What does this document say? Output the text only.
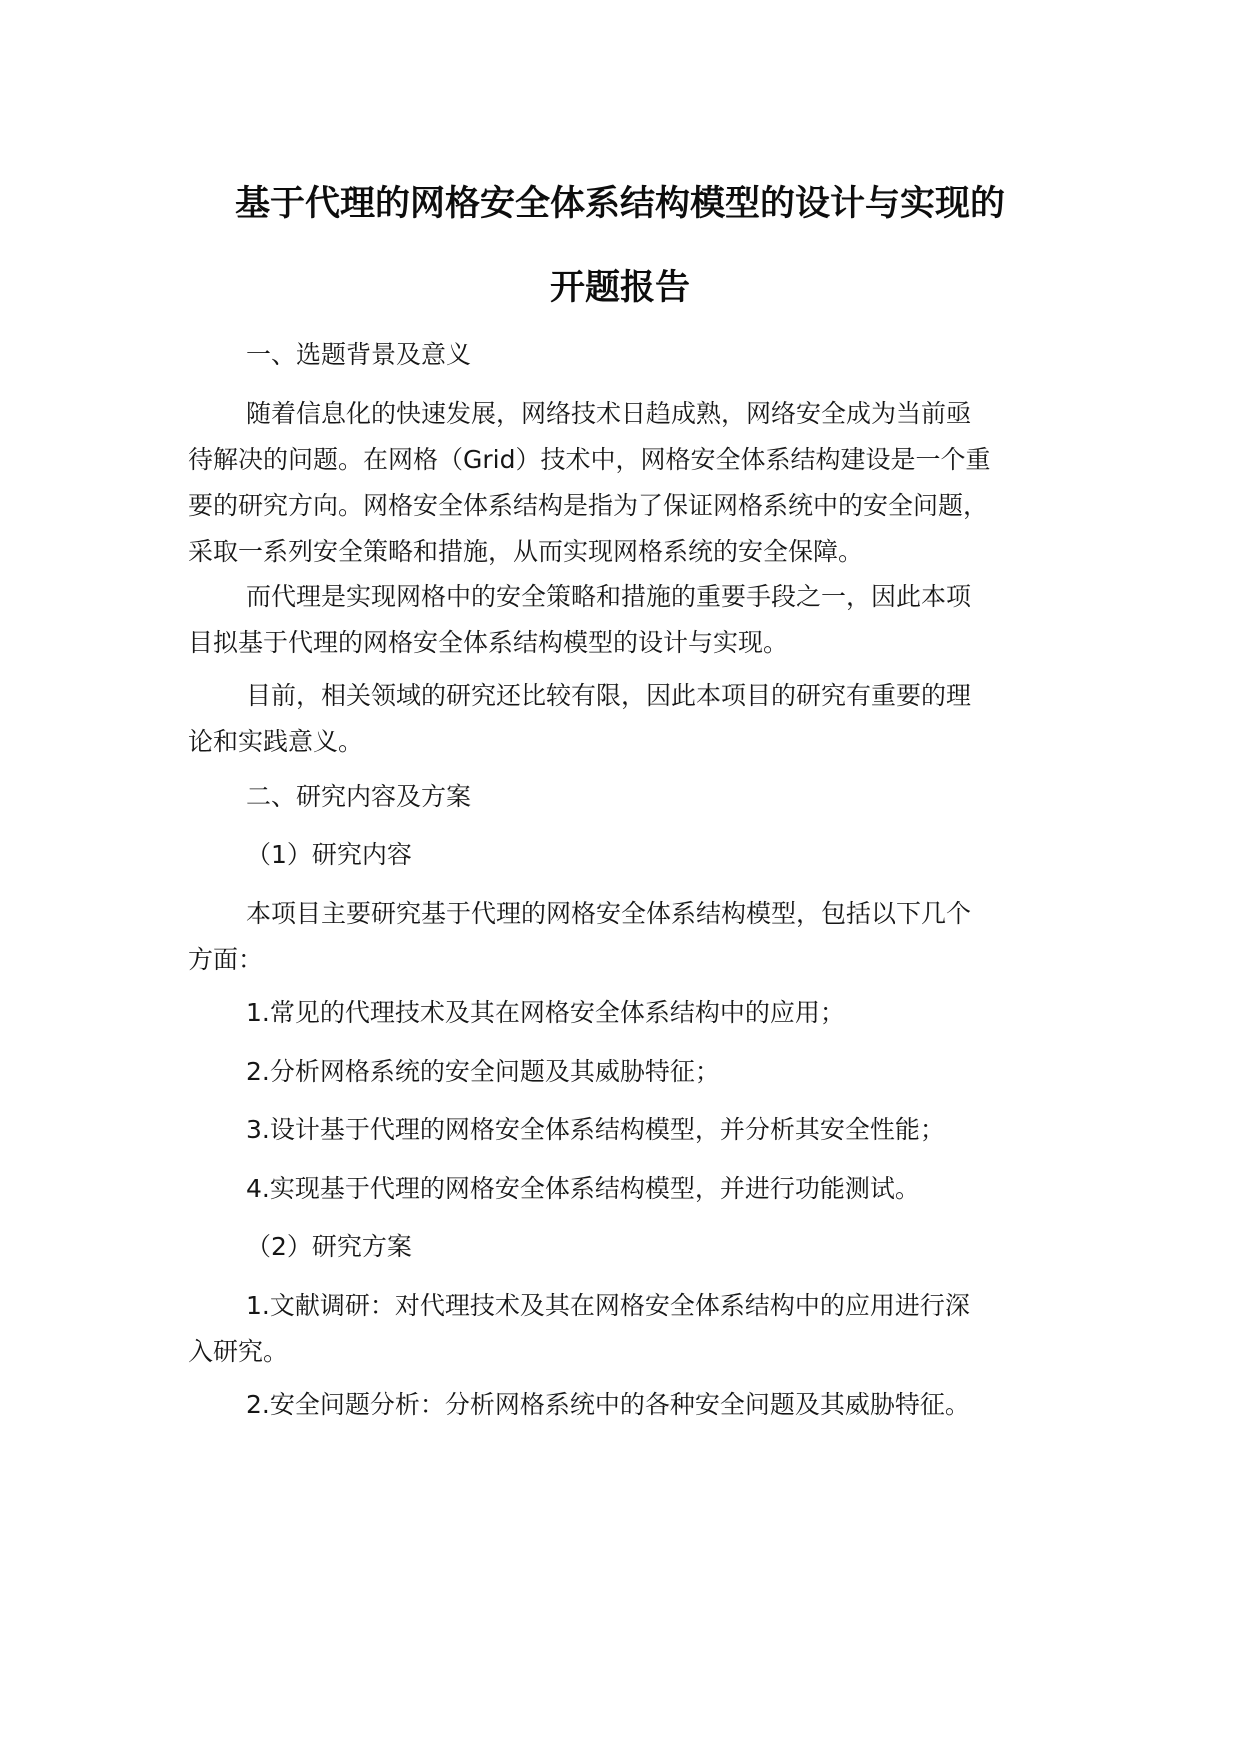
基于代理的网格安全体系结构模型的设计与实现的
开题报告
一、选题背景及意义
随着信息化的快速发展，网络技术日趋成熟，网络安全成为当前亟
待解决的问题。在网格（Grid）技术中，网格安全体系结构建设是一个重
要的研究方向。网格安全体系结构是指为了保证网格系统中的安全问题，
采取一系列安全策略和措施，从而实现网格系统的安全保障。
而代理是实现网格中的安全策略和措施的重要手段之一，因此本项
目拟基于代理的网格安全体系结构模型的设计与实现。
目前，相关领域的研究还比较有限，因此本项目的研究有重要的理
论和实践意义。
二、研究内容及方案
（1）研究内容
本项目主要研究基于代理的网格安全体系结构模型，包括以下几个
方面：
1.常见的代理技术及其在网格安全体系结构中的应用；
2.分析网格系统的安全问题及其威胁特征；
3.设计基于代理的网格安全体系结构模型，并分析其安全性能；
4.实现基于代理的网格安全体系结构模型，并进行功能测试。
（2）研究方案
1.文献调研：对代理技术及其在网格安全体系结构中的应用进行深
入研究。
2.安全问题分析：分析网格系统中的各种安全问题及其威胁特征。
